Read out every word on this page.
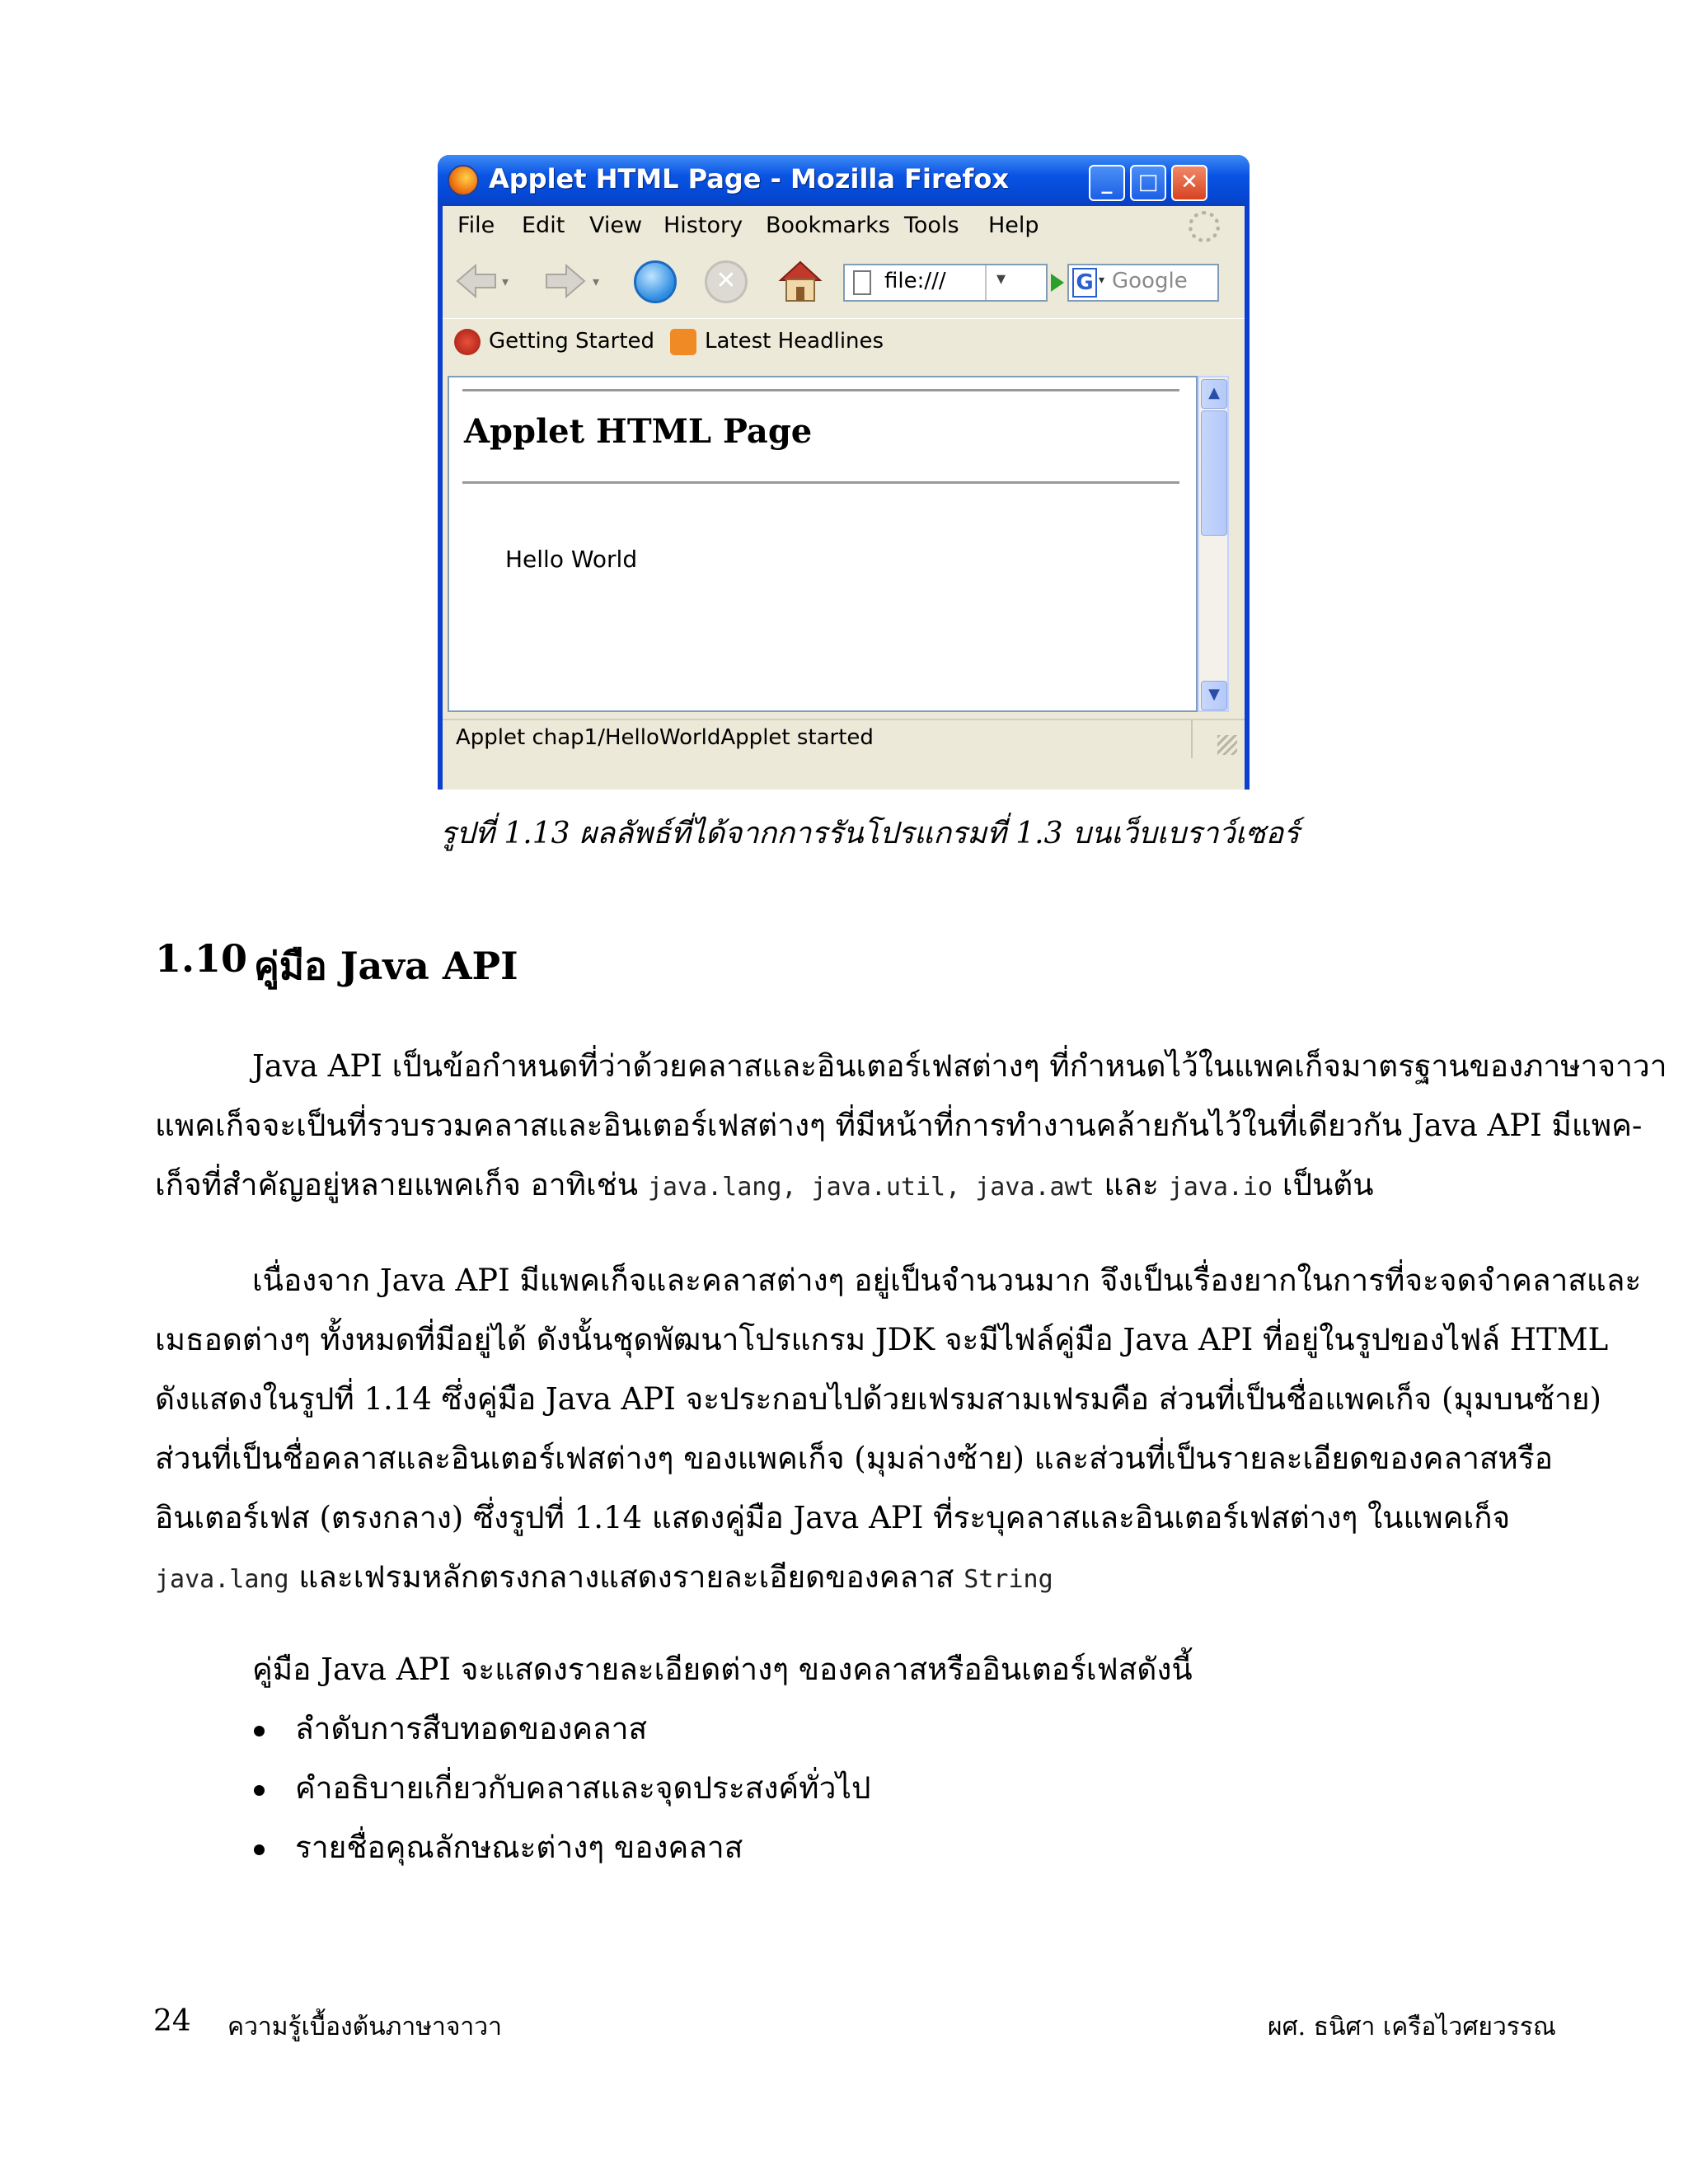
Applet HTML Page - Mozilla Firefox	_	□	✕
File Edit View History Bookmarks Tools Help
▾	▾	✕	file:///	▾	G ▾ Google
Getting Started Latest Headlines
Applet HTML Page
Hello World
▲
▼
Applet chap1/HelloWorldApplet started
รูปที่ 1.13 ผลลัพธ์ที่ได้จากการรันโปรแกรมที่ 1.3 บนเว็บเบราว์เซอร์
1.10 คู่มือ Java API
Java API เป็นข้อกำหนดที่ว่าด้วยคลาสและอินเตอร์เฟสต่างๆ ที่กำหนดไว้ในแพคเก็จมาตรฐานของภาษาจาวา
แพคเก็จจะเป็นที่รวบรวมคลาสและอินเตอร์เฟสต่างๆ ที่มีหน้าที่การทำงานคล้ายกันไว้ในที่เดียวกัน Java API มีแพค-
เก็จที่สำคัญอยู่หลายแพคเก็จ อาทิเช่น java.lang, java.util, java.awt และ java.io เป็นต้น
เนื่องจาก Java API มีแพคเก็จและคลาสต่างๆ อยู่เป็นจำนวนมาก จึงเป็นเรื่องยากในการที่จะจดจำคลาสและ
เมธอดต่างๆ ทั้งหมดที่มีอยู่ได้ ดังนั้นชุดพัฒนาโปรแกรม JDK จะมีไฟล์คู่มือ Java API ที่อยู่ในรูปของไฟล์ HTML
ดังแสดงในรูปที่ 1.14 ซึ่งคู่มือ Java API จะประกอบไปด้วยเฟรมสามเฟรมคือ ส่วนที่เป็นชื่อแพคเก็จ (มุมบนซ้าย)
ส่วนที่เป็นชื่อคลาสและอินเตอร์เฟสต่างๆ ของแพคเก็จ (มุมล่างซ้าย) และส่วนที่เป็นรายละเอียดของคลาสหรือ
อินเตอร์เฟส (ตรงกลาง) ซึ่งรูปที่ 1.14 แสดงคู่มือ Java API ที่ระบุคลาสและอินเตอร์เฟสต่างๆ ในแพคเก็จ
java.lang และเฟรมหลักตรงกลางแสดงรายละเอียดของคลาส String
คู่มือ Java API จะแสดงรายละเอียดต่างๆ ของคลาสหรืออินเตอร์เฟสดังนี้
ลำดับการสืบทอดของคลาส
คำอธิบายเกี่ยวกับคลาสและจุดประสงค์ทั่วไป
รายชื่อคุณลักษณะต่างๆ ของคลาส
24 ความรู้เบื้องต้นภาษาจาวา	ผศ. ธนิศา เครือไวศยวรรณ
